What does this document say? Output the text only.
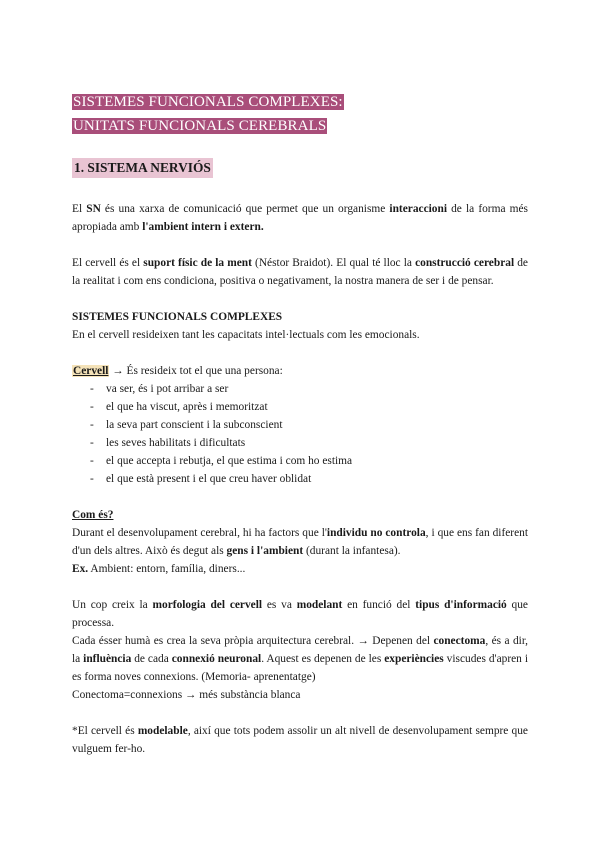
SISTEMES FUNCIONALS COMPLEXES:
UNITATS FUNCIONALS CEREBRALS
1. SISTEMA NERVIÓS

El SN és una xarxa de comunicació que permet que un organisme interaccioni de la forma més apropiada amb l'ambient intern i extern.

El cervell és el suport físic de la ment (Néstor Braidot). El qual té lloc la construcció cerebral de la realitat i com ens condiciona, positiva o negativament, la nostra manera de ser i de pensar.

SISTEMES FUNCIONALS COMPLEXES

En el cervell resideixen tant les capacitats intel·lectuals com les emocionals.

Cervell → És resideix tot el que una persona:

- va ser, és i pot arribar a ser
- el que ha viscut, après i memoritzat
- la seva part conscient i la subconscient
- les seves habilitats i dificultats
- el que accepta i rebutja, el que estima i com ho estima
- el que està present i el que creu haver oblidat

Com és?

Durant el desenvolupament cerebral, hi ha factors que l'individu no controla, i que ens fan diferent d'un dels altres. Això és degut als gens i l'ambient (durant la infantesa).

Ex. Ambient: entorn, família, diners...

Un cop creix la morfologia del cervell es va modelant en funció del tipus d'informació que processa.

Cada ésser humà es crea la seva pròpia arquitectura cerebral. → Depenen del conectoma, és a dir, la influència de cada connexió neuronal. Aquest es depenen de les experiències viscudes d'apren i es forma noves connexions. (Memoria- aprenentatge)

Conectoma=connexions → més substància blanca

*El cervell és modelable, així que tots podem assolir un alt nivell de desenvolupament sempre que vulguem fer-ho.
